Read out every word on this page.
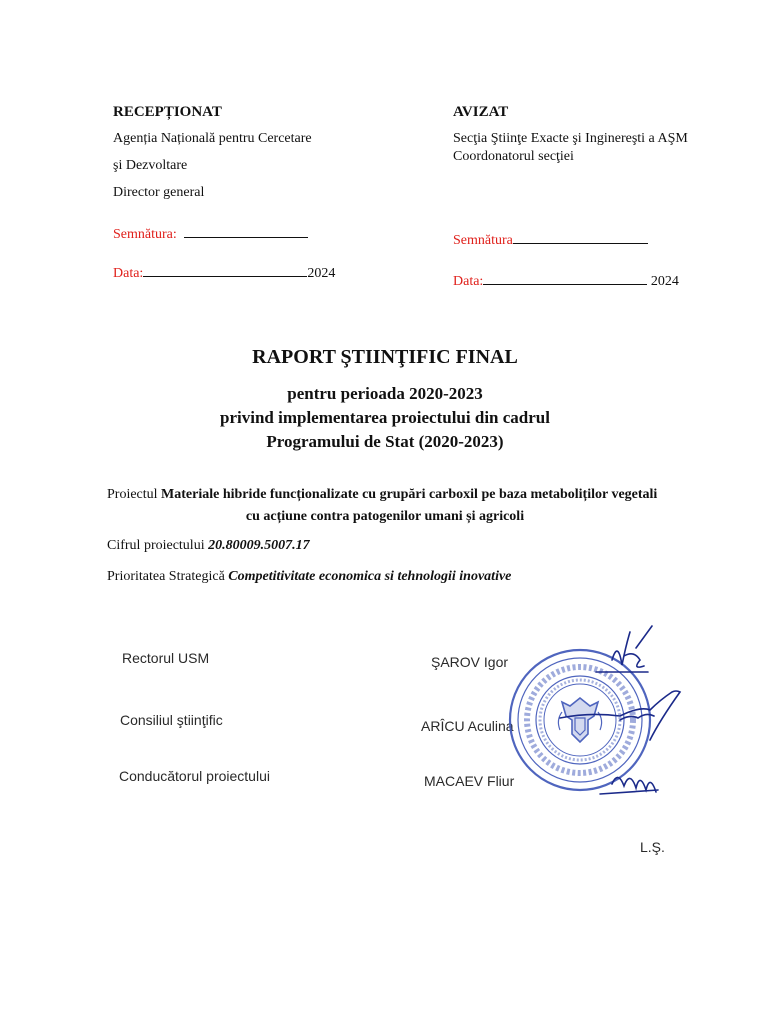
RECEPȚIONAT
Agenția Națională pentru Cercetare
şi Dezvoltare
Director general
Semnătura:
Data:	2024
AVIZAT
Secţia Ştiinţe Exacte şi Inginereşti a AŞM
Coordonatorul secţiei
Semnătura
Data:	2024
RAPORT ŞTIINŢIFIC FINAL
pentru perioada 2020-2023
privind implementarea proiectului din cadrul
Programului de Stat (2020-2023)
Proiectul Materiale hibride funcționalizate cu grupări carboxil pe baza metaboliților vegetali
cu acțiune contra patogenilor umani și agricoli
Cifrul proiectului 20.80009.5007.17
Prioritatea Strategică Competitivitate economica si tehnologii inovative
Rectorul USM	ŞAROV Igor
Consiliul ştiinţific	ARÎCU Aculina
Conducătorul proiectului	MACAEV Fliur
L.Ş.
